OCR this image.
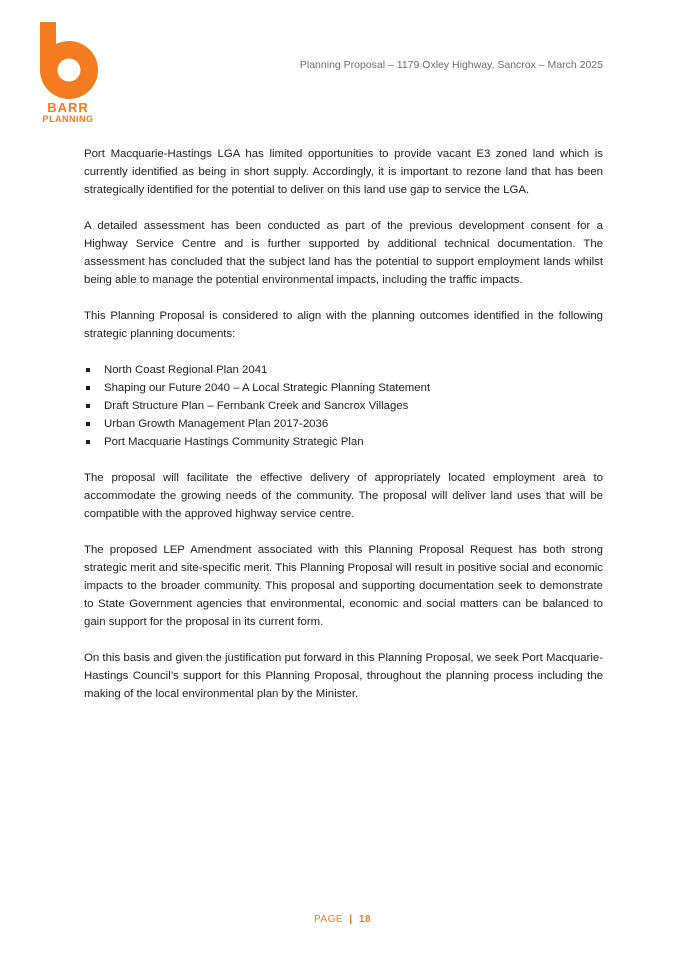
BARR
PLANNING
Planning Proposal – 1179 Oxley Highway, Sancrox – March 2025

Port Macquarie-Hastings LGA has limited opportunities to provide vacant E3 zoned land which is currently identified as being in short supply. Accordingly, it is important to rezone land that has been strategically identified for the potential to deliver on this land use gap to service the LGA.

A detailed assessment has been conducted as part of the previous development consent for a Highway Service Centre and is further supported by additional technical documentation. The assessment has concluded that the subject land has the potential to support employment lands whilst being able to manage the potential environmental impacts, including the traffic impacts.

This Planning Proposal is considered to align with the planning outcomes identified in the following strategic planning documents:

North Coast Regional Plan 2041
Shaping our Future 2040 – A Local Strategic Planning Statement
Draft Structure Plan – Fernbank Creek and Sancrox Villages
Urban Growth Management Plan 2017-2036
Port Macquarie Hastings Community Strategic Plan

The proposal will facilitate the effective delivery of appropriately located employment area to accommodate the growing needs of the community. The proposal will deliver land uses that will be compatible with the approved highway service centre.

The proposed LEP Amendment associated with this Planning Proposal Request has both strong strategic merit and site-specific merit. This Planning Proposal will result in positive social and economic impacts to the broader community. This proposal and supporting documentation seek to demonstrate to State Government agencies that environmental, economic and social matters can be balanced to gain support for the proposal in its current form.

On this basis and given the justification put forward in this Planning Proposal, we seek Port Macquarie-Hastings Council’s support for this Planning Proposal, throughout the planning process including the making of the local environmental plan by the Minister.

PAGE | 18
